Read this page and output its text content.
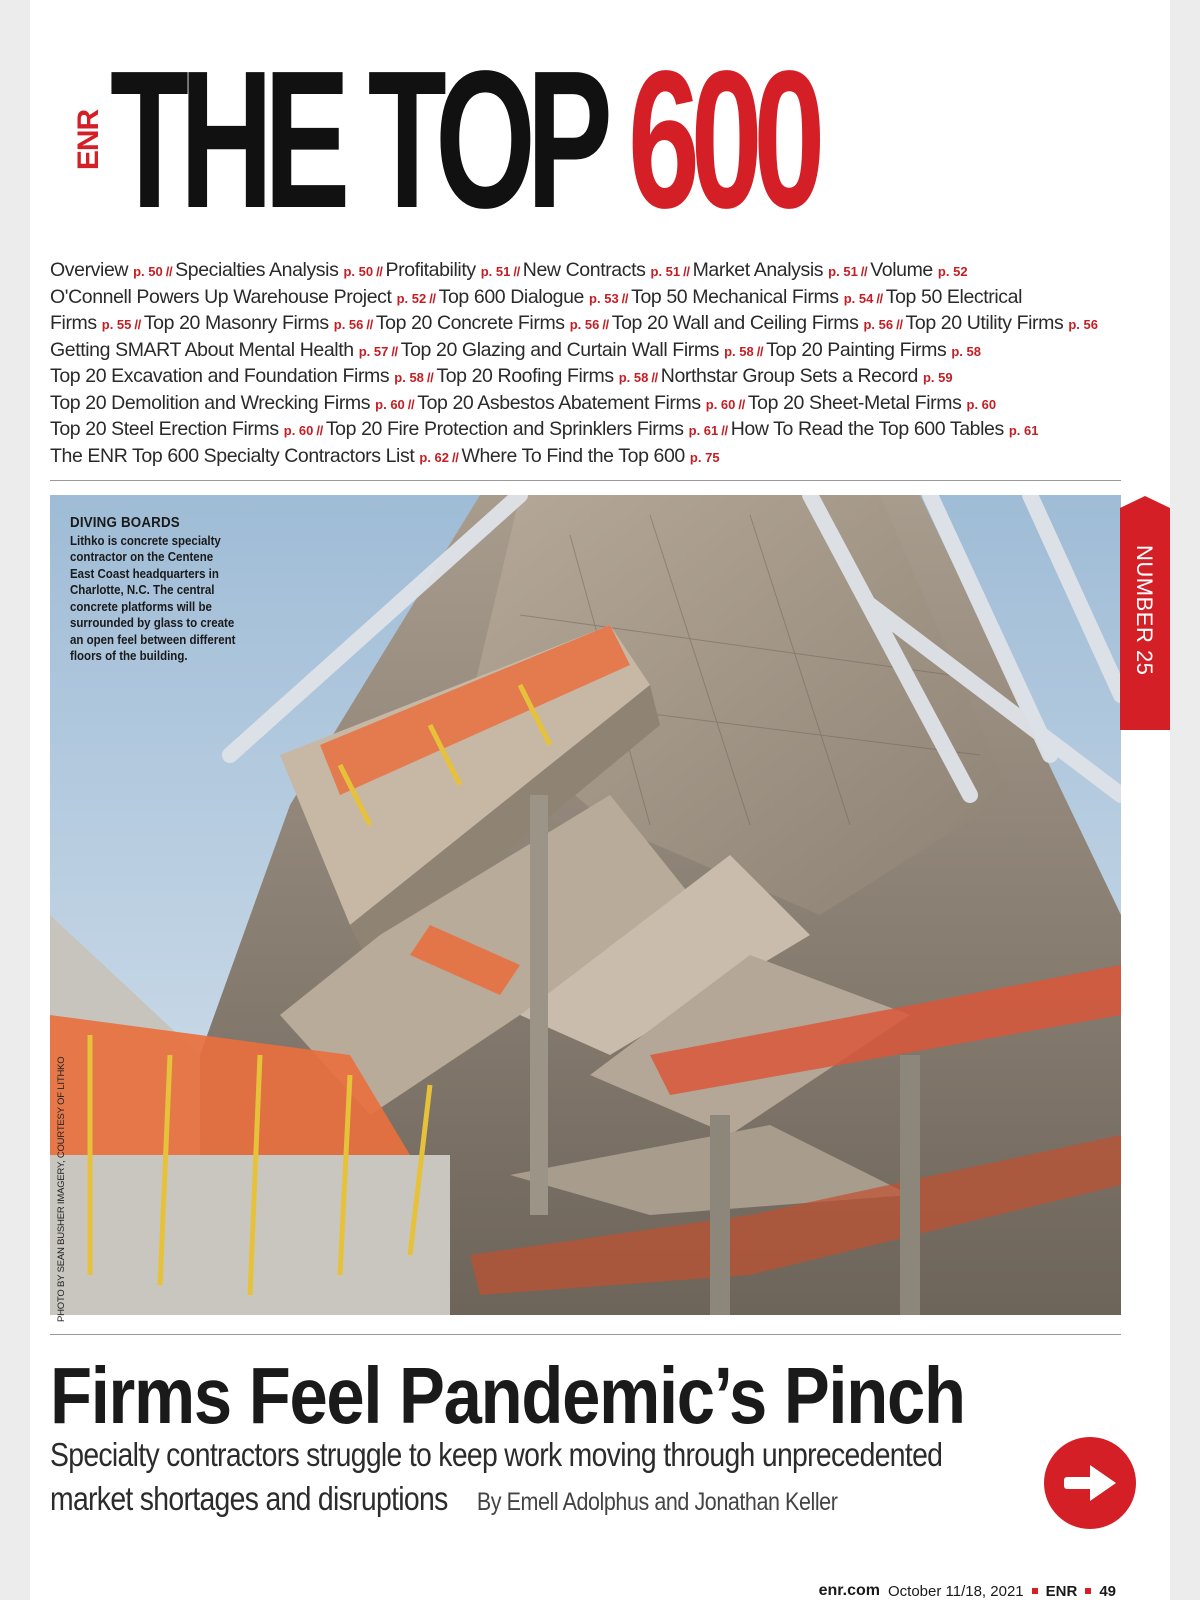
ENR THE TOP 600
Overview p. 50 // Specialties Analysis p. 50 // Profitability p. 51 // New Contracts p. 51 // Market Analysis p. 51 // Volume p. 52
O'Connell Powers Up Warehouse Project p. 52 // Top 600 Dialogue p. 53 // Top 50 Mechanical Firms p. 54 // Top 50 Electrical
Firms p. 55 // Top 20 Masonry Firms p. 56 // Top 20 Concrete Firms p. 56 // Top 20 Wall and Ceiling Firms p. 56 // Top 20 Utility Firms p. 56
Getting SMART About Mental Health p. 57 // Top 20 Glazing and Curtain Wall Firms p. 58 // Top 20 Painting Firms p. 58
Top 20 Excavation and Foundation Firms p. 58 // Top 20 Roofing Firms p. 58 // Northstar Group Sets a Record p. 59
Top 20 Demolition and Wrecking Firms p. 60 // Top 20 Asbestos Abatement Firms p. 60 // Top 20 Sheet-Metal Firms p. 60
Top 20 Steel Erection Firms p. 60 // Top 20 Fire Protection and Sprinklers Firms p. 61 // How To Read the Top 600 Tables p. 61
The ENR Top 600 Specialty Contractors List p. 62 // Where To Find the Top 600 p. 75
DIVING BOARDS
Lithko is concrete specialty contractor on the Centene East Coast headquarters in Charlotte, N.C. The central concrete platforms will be surrounded by glass to create an open feel between different floors of the building.	NUMBER 25
Firms Feel Pandemic’s Pinch
Specialty contractors struggle to keep work moving through unprecedented
market shortages and disruptions By Emell Adolphus and Jonathan Keller
enr.com October 11/18, 2021 ENR 49
